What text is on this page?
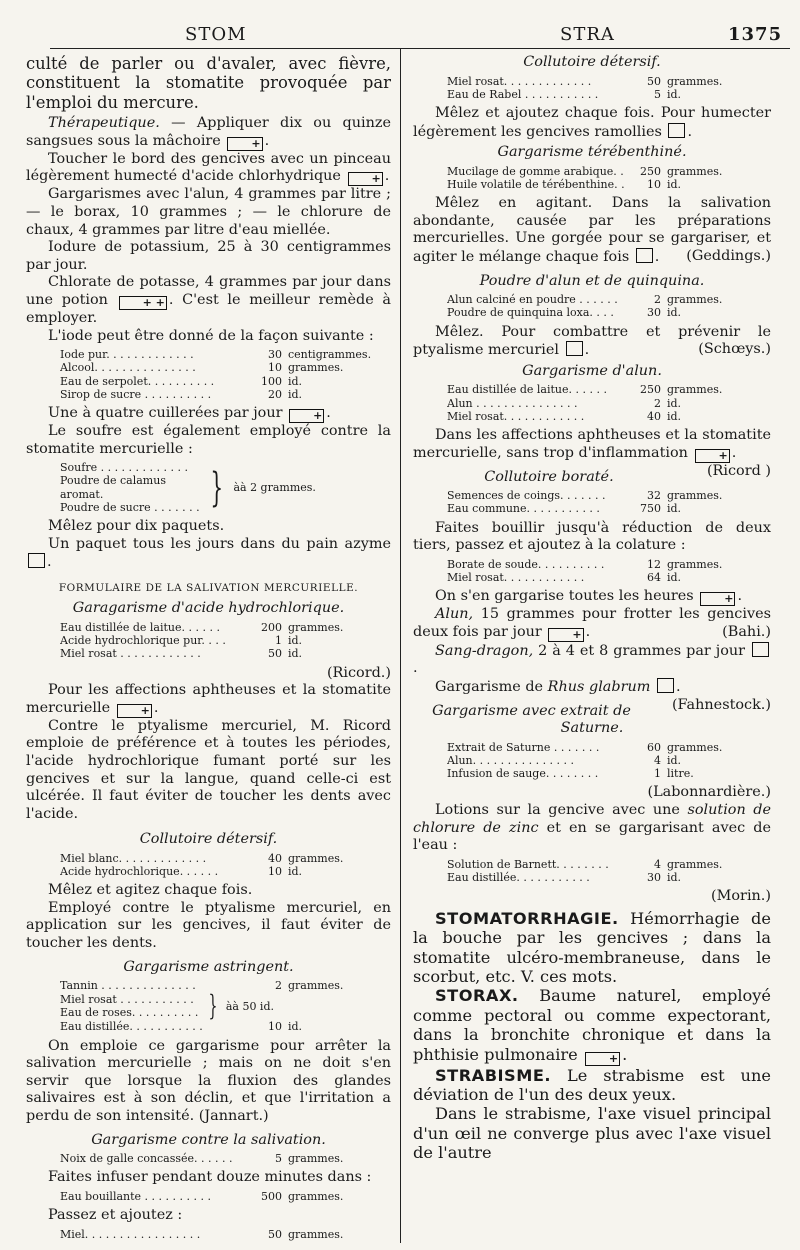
STOM	STRA	1375

culté de parler ou d'avaler, avec fièvre, constituent la stomatite provoquée par l'emploi du mercure.

Thérapeutique. — Appliquer dix ou quinze sangsues sous la mâchoire	+ .

Toucher le bord des gencives avec un pinceau légèrement humecté d'acide chlorhydrique	+ .

Gargarismes avec l'alun, 4 grammes par litre ; — le borax, 10 grammes ; — le chlorure de chaux, 4 grammes par litre d'eau miellée.

Iodure de potassium, 25 à 30 centigrammes par jour.

Chlorate de potasse, 4 grammes par jour dans une potion	+ + . C'est le meilleur remède à employer.

L'iode peut être donné de la façon suivante :

Iode pur. . . . . . . . . . . . .	30 centigrammes.
Alcool. . . . . . . . . . . . . . .	10 grammes.
Eau de serpolet. . . . . . . . . .	100 id.
Sirop de sucre . . . . . . . . . .	20 id.

Une à quatre cuillerées par jour	+ .

Le soufre est également employé contre la stomatite mercurielle :

Soufre . . . . . . . . . . . . .
Poudre de calamus aromat.
Poudre de sucre . . . . . . . } àà 2 grammes.

Mêlez pour dix paquets.

Un paquet tous les jours dans du pain azyme .

FORMULAIRE DE LA SALIVATION MERCURIELLE.
Garagarisme d'acide hydrochlorique.
Eau distillée de laitue. . . . . .	200 grammes.
Acide hydrochlorique pur. . . .	1 id.
Miel rosat . . . . . . . . . . . .	50 id.

(Ricord.)

Pour les affections aphtheuses et la stomatite mercurielle	+ .

Contre le ptyalisme mercuriel, M. Ricord emploie de préférence et à toutes les périodes, l'acide hydrochlorique fumant porté sur les gencives et sur la langue, quand celle-ci est ulcérée. Il faut éviter de toucher les dents avec l'acide.

Collutoire détersif.
Miel blanc. . . . . . . . . . . . .	40 grammes.
Acide hydrochlorique. . . . . .	10 id.

Mêlez et agitez chaque fois.

Employé contre le ptyalisme mercuriel, en application sur les gencives, il faut éviter de toucher les dents.

Gargarisme astringent.
Tannin . . . . . . . . . . . . . .	2 grammes.
Miel rosat . . . . . . . . . . .
Eau de roses. . . . . . . . . . } àà 50 id.
Eau distillée. . . . . . . . . . .	10 id.

On emploie ce gargarisme pour arrêter la salivation mercurielle ; mais on ne doit s'en servir que lorsque la fluxion des glandes salivaires est à son déclin, et que l'irritation a perdu de son intensité. (Jannart.)

Gargarisme contre la salivation.
Noix de galle concassée. . . . . .	5 grammes.

Faites infuser pendant douze minutes dans :

Eau bouillante . . . . . . . . . .	500 grammes.

Passez et ajoutez :

Miel. . . . . . . . . . . . . . . . .	50 grammes.
Collutoire détersif.
Miel rosat. . . . . . . . . . . . .	50 grammes.
Eau de Rabel . . . . . . . . . . .	5 id.

Mêlez et ajoutez chaque fois. Pour humecter légèrement les gencives ramollies .

Gargarisme térébenthiné.
Mucilage de gomme arabique. .	250 grammes.
Huile volatile de térébenthine. .	10 id.

Mêlez en agitant. Dans la salivation abondante, causée par les préparations mercurielles. Une gorgée pour se gargariser, et agiter le mélange chaque fois .	(Geddings.)

Poudre d'alun et de quinquina.
Alun calciné en poudre . . . . . .	2 grammes.
Poudre de quinquina loxa. . . .	30 id.

Mêlez. Pour combattre et prévenir le ptyalisme mercuriel .	(Schœys.)

Gargarisme d'alun.
Eau distillée de laitue. . . . . .	250 grammes.
Alun . . . . . . . . . . . . . . .	2 id.
Miel rosat. . . . . . . . . . . .	40 id.

Dans les affections aphtheuses et la stomatite mercurielle, sans trop d'inflammation	+ .
(Ricord )

Collutoire boraté.
Semences de coings. . . . . . .	32 grammes.
Eau commune. . . . . . . . . . .	750 id.

Faites bouillir jusqu'à réduction de deux tiers, passez et ajoutez à la colature :

Borate de soude. . . . . . . . . .	12 grammes.
Miel rosat. . . . . . . . . . . .	64 id.

On s'en gargarise toutes les heures	+ .

Alun, 15 grammes pour frotter les gencives deux fois par jour	+ .	(Bahi.)

Sang-dragon, 2 à 4 et 8 grammes par jour .

Gargarisme de Rhus glabrum .
(Fahnestock.)

Gargarisme avec extrait de Saturne.
Extrait de Saturne . . . . . . .	60 grammes.
Alun. . . . . . . . . . . . . . .	4 id.
Infusion de sauge. . . . . . . .	1 litre.

(Labonnardière.)

Lotions sur la gencive avec une solution de chlorure de zinc et en se gargarisant avec de l'eau :

Solution de Barnett. . . . . . . .	4 grammes.
Eau distillée. . . . . . . . . . .	30 id.

(Morin.)

STOMATORRHAGIE. Hémorrhagie de la bouche par les gencives ; dans la stomatite ulcéro-membraneuse, dans le scorbut, etc. V. ces mots.

STORAX. Baume naturel, employé comme pectoral ou comme expectorant, dans la bronchite chronique et dans la phthisie pulmonaire	+ .

STRABISME. Le strabisme est une déviation de l'un des deux yeux.

Dans le strabisme, l'axe visuel principal d'un œil ne converge plus avec l'axe visuel de l'autre
